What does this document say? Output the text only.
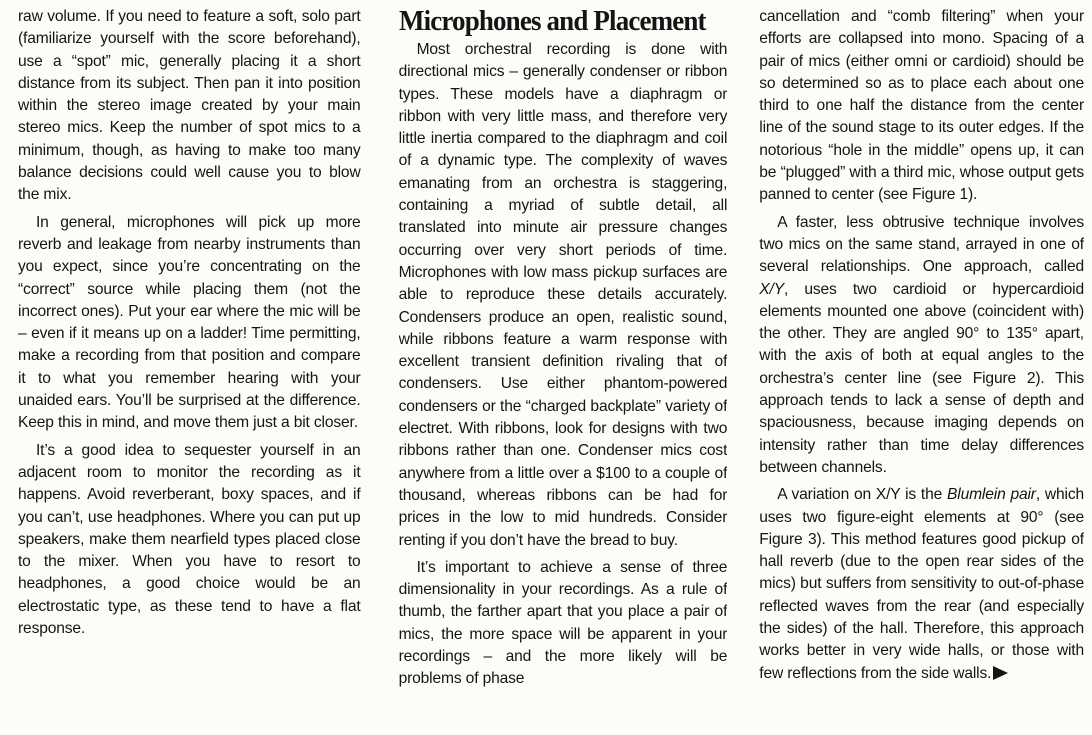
raw volume. If you need to feature a soft, solo part (familiarize yourself with the score beforehand), use a “spot” mic, generally placing it a short distance from its subject. Then pan it into position within the stereo image created by your main stereo mics. Keep the number of spot mics to a minimum, though, as having to make too many balance decisions could well cause you to blow the mix.

In general, microphones will pick up more reverb and leakage from nearby instruments than you expect, since you’re concentrating on the “correct” source while placing them (not the incorrect ones). Put your ear where the mic will be – even if it means up on a ladder! Time permitting, make a recording from that position and compare it to what you remember hearing with your unaided ears. You’ll be surprised at the difference. Keep this in mind, and move them just a bit closer.

It’s a good idea to sequester yourself in an adjacent room to monitor the recording as it happens. Avoid reverberant, boxy spaces, and if you can’t, use headphones. Where you can put up speakers, make them nearfield types placed close to the mixer. When you have to resort to headphones, a good choice would be an electrostatic type, as these tend to have a flat response.

Microphones and Placement

Most orchestral recording is done with directional mics – generally condenser or ribbon types. These models have a diaphragm or ribbon with very little mass, and therefore very little inertia compared to the diaphragm and coil of a dynamic type. The complexity of waves emanating from an orchestra is staggering, containing a myriad of subtle detail, all translated into minute air pressure changes occurring over very short periods of time. Microphones with low mass pickup surfaces are able to reproduce these details accurately. Condensers produce an open, realistic sound, while ribbons feature a warm response with excellent transient definition rivaling that of condensers. Use either phantom-powered condensers or the “charged backplate” variety of electret. With ribbons, look for designs with two ribbons rather than one. Condenser mics cost anywhere from a little over a $100 to a couple of thousand, whereas ribbons can be had for prices in the low to mid hundreds. Consider renting if you don’t have the bread to buy.

It’s important to achieve a sense of three dimensionality in your recordings. As a rule of thumb, the farther apart that you place a pair of mics, the more space will be apparent in your recordings – and the more likely will be problems of phase

cancellation and “comb filtering” when your efforts are collapsed into mono. Spacing of a pair of mics (either omni or cardioid) should be so determined so as to place each about one third to one half the distance from the center line of the sound stage to its outer edges. If the notorious “hole in the middle” opens up, it can be “plugged” with a third mic, whose output gets panned to center (see Figure 1).

A faster, less obtrusive technique involves two mics on the same stand, arrayed in one of several relationships. One approach, called X/Y, uses two cardioid or hypercardioid elements mounted one above (coincident with) the other. They are angled 90° to 135° apart, with the axis of both at equal angles to the orchestra’s center line (see Figure 2). This approach tends to lack a sense of depth and spaciousness, because imaging depends on intensity rather than time delay differences between channels.

A variation on X/Y is the Blumlein pair, which uses two figure-eight elements at 90° (see Figure 3). This method features good pickup of hall reverb (due to the open rear sides of the mics) but suffers from sensitivity to out-of-phase reflected waves from the rear (and especially the sides) of the hall. Therefore, this approach works better in very wide halls, or those with few reflections from the side walls.
